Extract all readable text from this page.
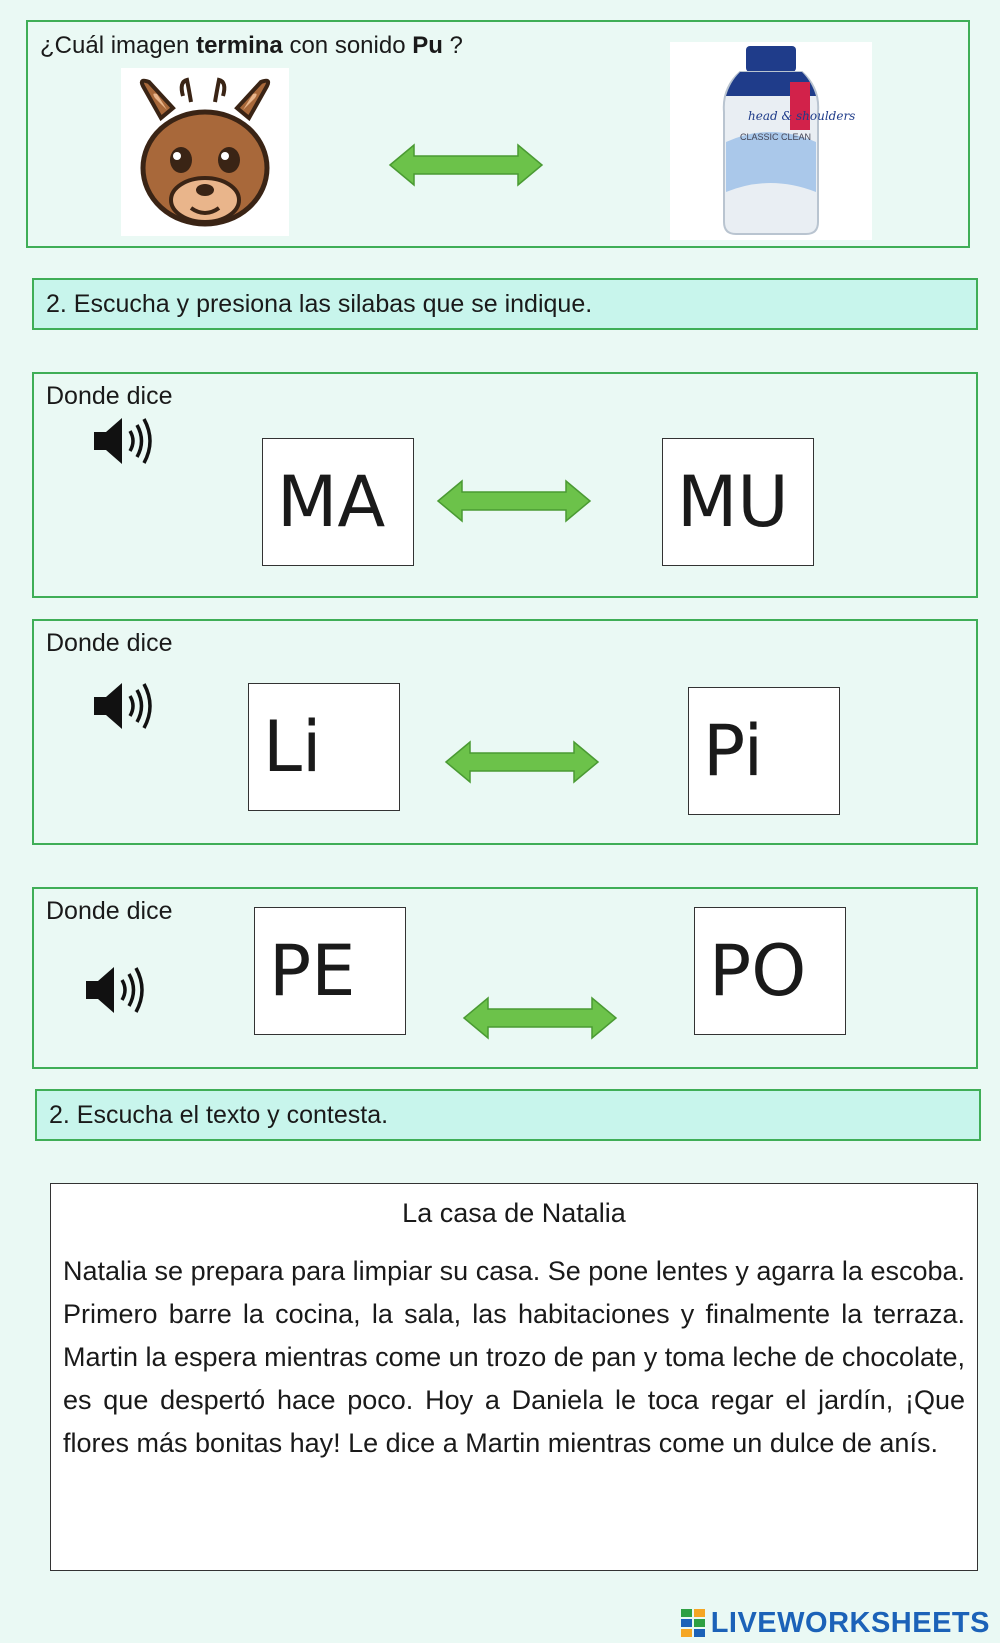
¿Cuál imagen termina con sonido Pu ?
head & shoulders
CLASSIC CLEAN
2. Escucha y presiona las silabas que se indique.
Donde dice
MA	MU
Donde dice
Li	Pi
Donde dice
PE	PO
2. Escucha el texto y contesta.
La casa de Natalia
Natalia se prepara para limpiar su casa. Se pone lentes y agarra la escoba. Primero barre la cocina, la sala, las habitaciones y finalmente la terraza. Martin la espera mientras come un trozo de pan y toma leche de chocolate, es que despertó hace poco. Hoy a Daniela le toca regar el jardín, ¡Que flores más bonitas hay! Le dice a Martin mientras come un dulce de anís.
LIVEWORKSHEETS
